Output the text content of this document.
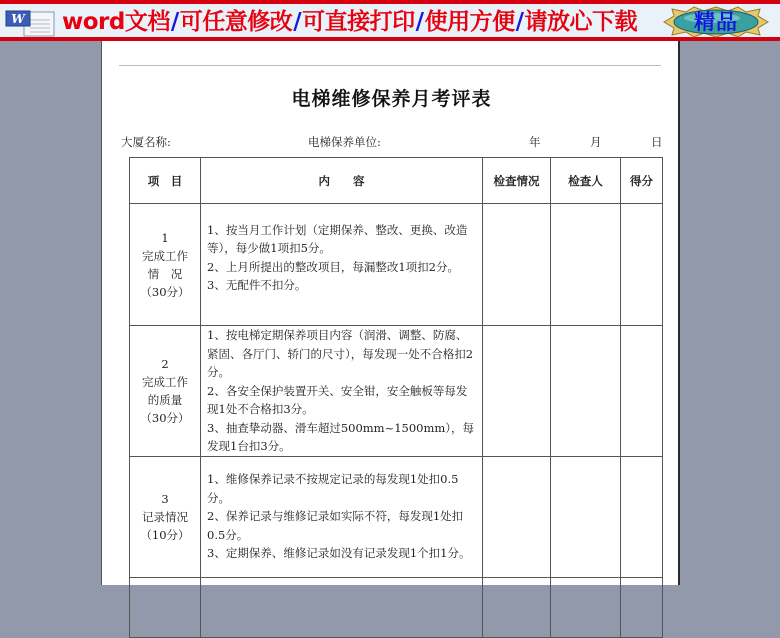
W word文档/可任意修改/可直接打印/使用方便/请放心下载	精品
电梯维修保养月考评表
大厦名称:	电梯保养单位:	年	月	日
项　目	内　　容	检查情况	检查人	得分

1
完成工作
情　况
（30分）	1、按当月工作计划（定期保养、整改、更换、改造等），每少做1项扣5分。
2、上月所提出的整改项目，每漏整改1项扣2分。
3、无配件不扣分。			

2
完成工作
的质量
（30分）	1、按电梯定期保养项目内容（润滑、调整、防腐、紧固、各厅门、轿门的尺寸），每发现一处不合格扣2分。
2、各安全保护装置开关、安全钳，安全触板等每发现1处不合格扣3分。
3、抽查挚动器、滑车超过500mm~1500mm），每发现1台扣3分。			

3
记录情况
（10分）	1、维修保养记录不按规定记录的每发现1处扣0.5分。
2、保养记录与维修记录如实际不符，每发现1处扣0.5分。
3、定期保养、维修记录如没有记录发现1个扣1分。			
